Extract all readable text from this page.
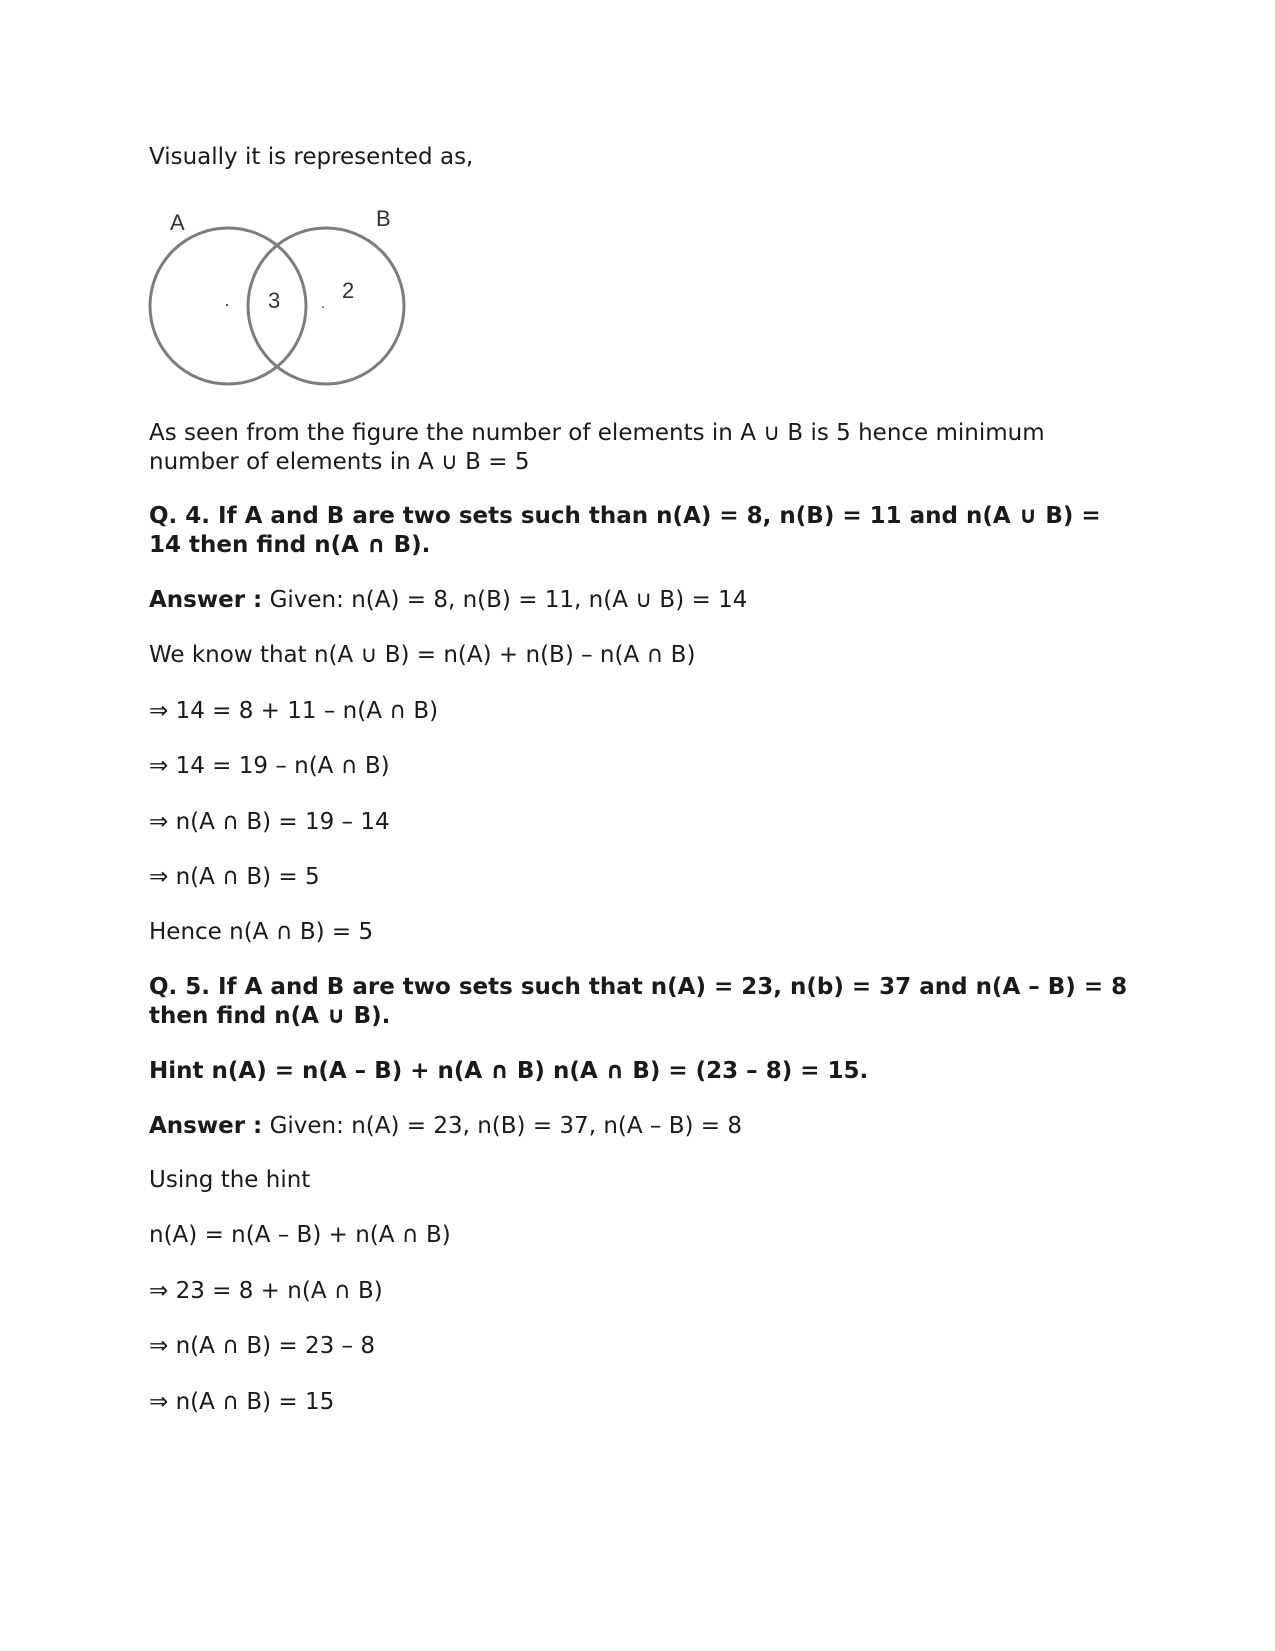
Visually it is represented as,
A	B
3	2
·	·
As seen from the figure the number of elements in A ∪ B is 5 hence minimum number of elements in A ∪ B = 5
Q. 4. If A and B are two sets such than n(A) = 8, n(B) = 11 and n(A ∪ B) = 14 then find n(A ∩ B).
Answer : Given: n(A) = 8, n(B) = 11, n(A ∪ B) = 14
We know that n(A ∪ B) = n(A) + n(B) – n(A ∩ B)
⇒ 14 = 8 + 11 – n(A ∩ B)
⇒ 14 = 19 – n(A ∩ B)
⇒ n(A ∩ B) = 19 – 14
⇒ n(A ∩ B) = 5
Hence n(A ∩ B) = 5
Q. 5. If A and B are two sets such that n(A) = 23, n(b) = 37 and n(A – B) = 8 then find n(A ∪ B).
Hint n(A) = n(A – B) + n(A ∩ B) n(A ∩ B) = (23 – 8) = 15.
Answer : Given: n(A) = 23, n(B) = 37, n(A – B) = 8
Using the hint
n(A) = n(A – B) + n(A ∩ B)
⇒ 23 = 8 + n(A ∩ B)
⇒ n(A ∩ B) = 23 – 8
⇒ n(A ∩ B) = 15
